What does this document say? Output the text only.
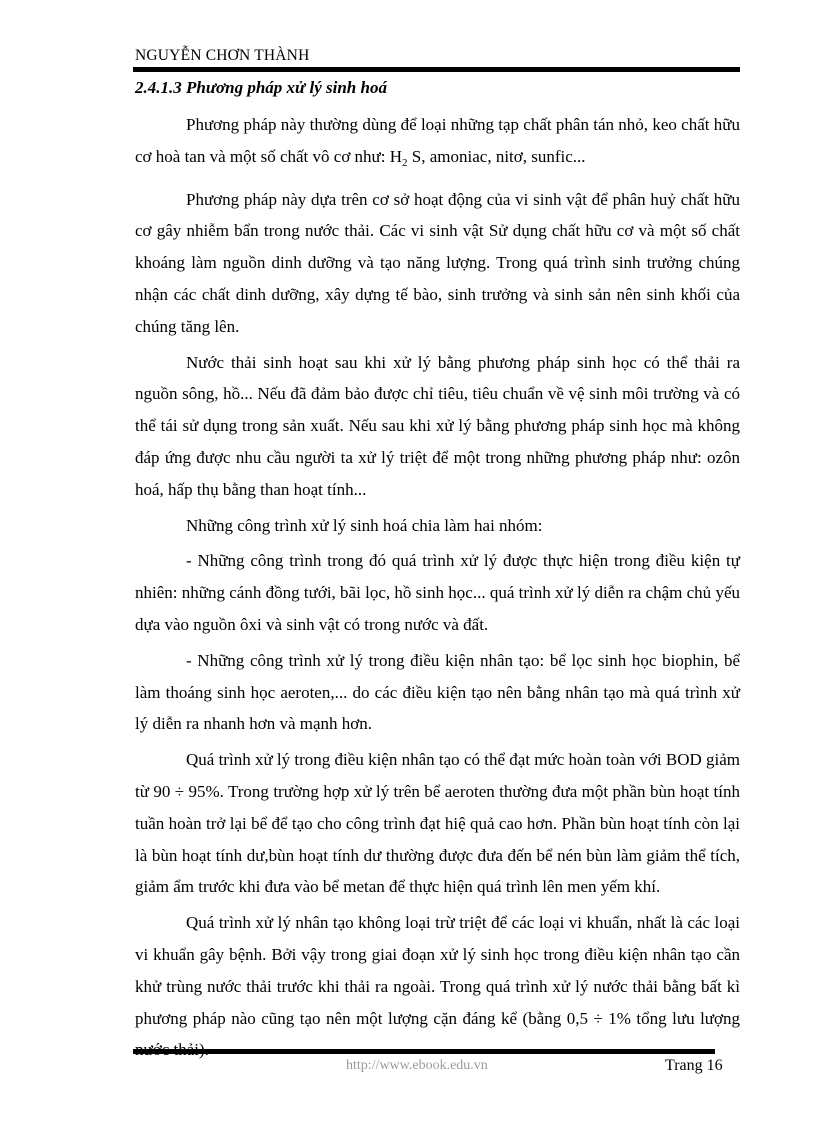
NGUYỄN CHƠN THÀNH
2.4.1.3 Phương pháp xử lý sinh hoá

Phương pháp này thường dùng để loại những tạp chất phân tán nhỏ, keo chất hữu cơ hoà tan và một số chất vô cơ như: $H_2$ S, amoniac, nitơ, sunfic...

Phương pháp này dựa trên cơ sở hoạt động của vi sinh vật để phân huỷ chất hữu cơ gây nhiễm bẩn trong nước thải. Các vi sinh vật Sử dụng chất hữu cơ và một số chất khoáng làm nguồn dinh dưỡng và tạo năng lượng. Trong quá trình sinh trưởng chúng nhận các chất dinh dưỡng, xây dựng tế bào, sinh trưởng và sinh sản nên sinh khối của chúng tăng lên.

Nước thải sinh hoạt sau khi xử lý bằng phương pháp sinh học có thể thải ra nguồn sông, hồ... Nếu đã đảm bảo được chỉ tiêu, tiêu chuẩn về vệ sinh môi trường và có thể tái sử dụng trong sản xuất. Nếu sau khi xử lý bằng phương pháp sinh học mà không đáp ứng được nhu cầu người ta xử lý triệt để một trong những phương pháp như: ozôn hoá, hấp thụ bằng than hoạt tính...

Những công trình xử lý sinh hoá chia làm hai nhóm:

- Những công trình trong đó quá trình xử lý được thực hiện trong điều kiện tự nhiên: những cánh đồng tưới, bãi lọc, hồ sinh học... quá trình xử lý diễn ra chậm chủ yếu dựa vào nguồn ôxi và sinh vật có trong nước và đất.

- Những công trình xử lý trong điều kiện nhân tạo: bể lọc sinh học biophin, bể làm thoáng sinh học aeroten,... do các điều kiện tạo nên bằng nhân tạo mà quá trình xử lý diễn ra nhanh hơn và mạnh hơn.

Quá trình xử lý trong điều kiện nhân tạo có thể đạt mức hoàn toàn với BOD giảm từ 90 ÷ 95%. Trong trường hợp xử lý trên bể aeroten thường đưa một phần bùn hoạt tính tuần hoàn trở lại bể để tạo cho công trình đạt hiệ quả cao hơn. Phần bùn hoạt tính còn lại là bùn hoạt tính dư,bùn hoạt tính dư thường được đưa đến bể nén bùn làm giảm thể tích, giảm ẩm trước khi đưa vào bể metan để thực hiện quá trình lên men yếm khí.

Quá trình xử lý nhân tạo không loại trừ triệt để các loại vi khuẩn, nhất là các loại vi khuẩn gây bệnh. Bởi vậy trong giai đoạn xử lý sinh học trong điều kiện nhân tạo cần khử trùng nước thải trước khi thải ra ngoài. Trong quá trình xử lý nước thải bằng bất kì phương pháp nào cũng tạo nên một lượng cặn đáng kể (bằng 0,5 ÷ 1% tổng lưu lượng

http://www.ebook.edu.vn	Trang 16
